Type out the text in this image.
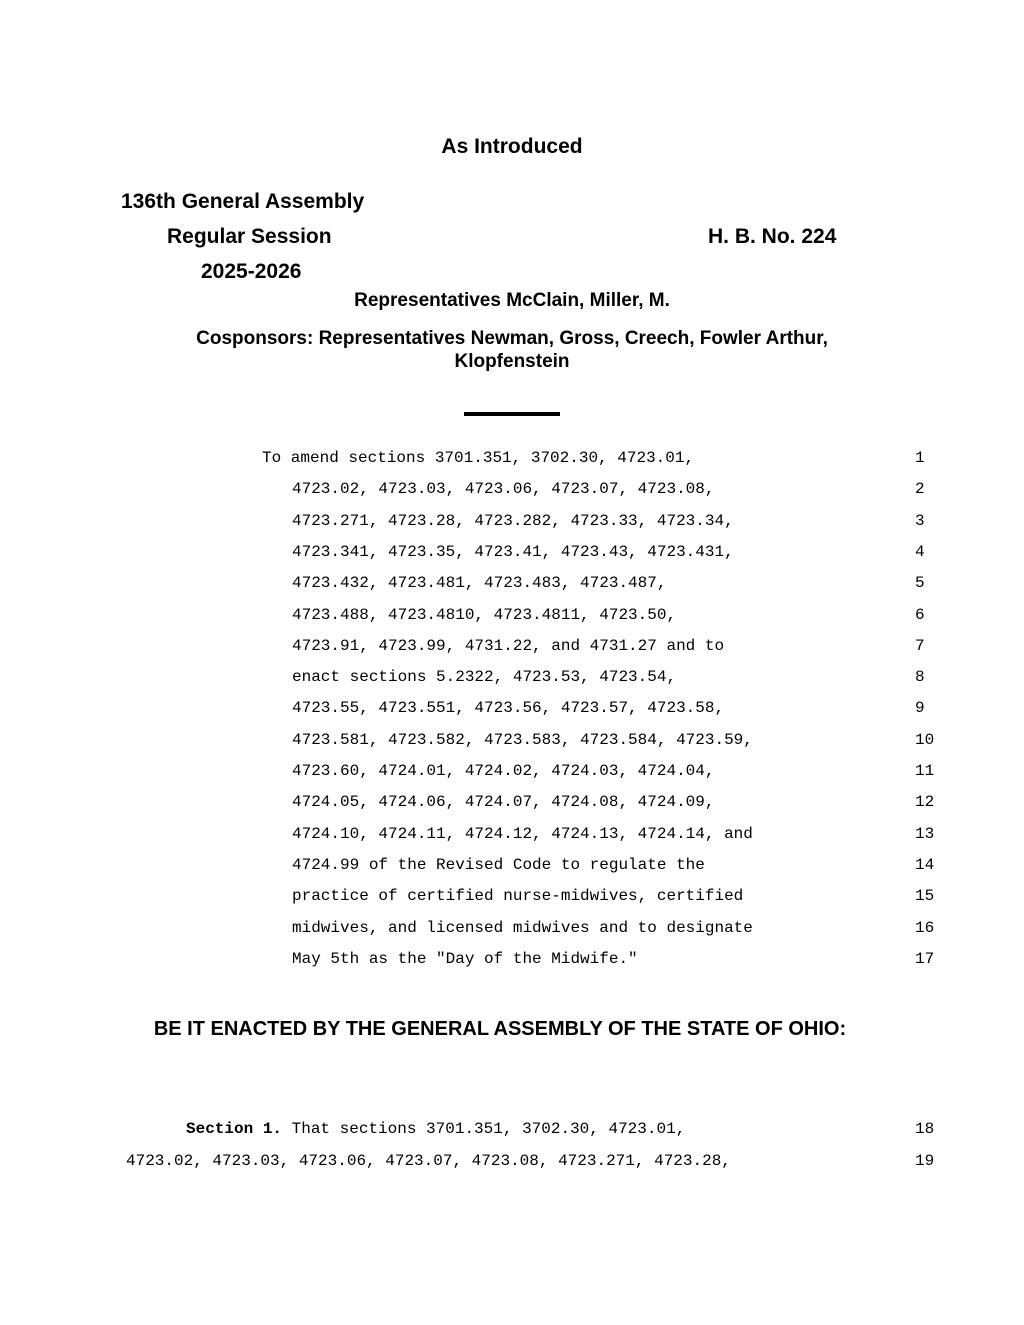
As Introduced
136th General Assembly
Regular Session	H. B. No. 224
2025-2026
Representatives McClain, Miller, M.
Cosponsors: Representatives Newman, Gross, Creech, Fowler Arthur, Klopfenstein
To amend sections 3701.351, 3702.30, 4723.01,	1
4723.02, 4723.03, 4723.06, 4723.07, 4723.08,	2
4723.271, 4723.28, 4723.282, 4723.33, 4723.34,	3
4723.341, 4723.35, 4723.41, 4723.43, 4723.431,	4
4723.432, 4723.481, 4723.483, 4723.487,	5
4723.488, 4723.4810, 4723.4811, 4723.50,	6
4723.91, 4723.99, 4731.22, and 4731.27 and to	7
enact sections 5.2322, 4723.53, 4723.54,	8
4723.55, 4723.551, 4723.56, 4723.57, 4723.58,	9
4723.581, 4723.582, 4723.583, 4723.584, 4723.59,	10
4723.60, 4724.01, 4724.02, 4724.03, 4724.04,	11
4724.05, 4724.06, 4724.07, 4724.08, 4724.09,	12
4724.10, 4724.11, 4724.12, 4724.13, 4724.14, and	13
4724.99 of the Revised Code to regulate the	14
practice of certified nurse-midwives, certified	15
midwives, and licensed midwives and to designate	16
May 5th as the "Day of the Midwife."	17
BE IT ENACTED BY THE GENERAL ASSEMBLY OF THE STATE OF OHIO:
Section 1. That sections 3701.351, 3702.30, 4723.01,	18
4723.02, 4723.03, 4723.06, 4723.07, 4723.08, 4723.271, 4723.28,	19
